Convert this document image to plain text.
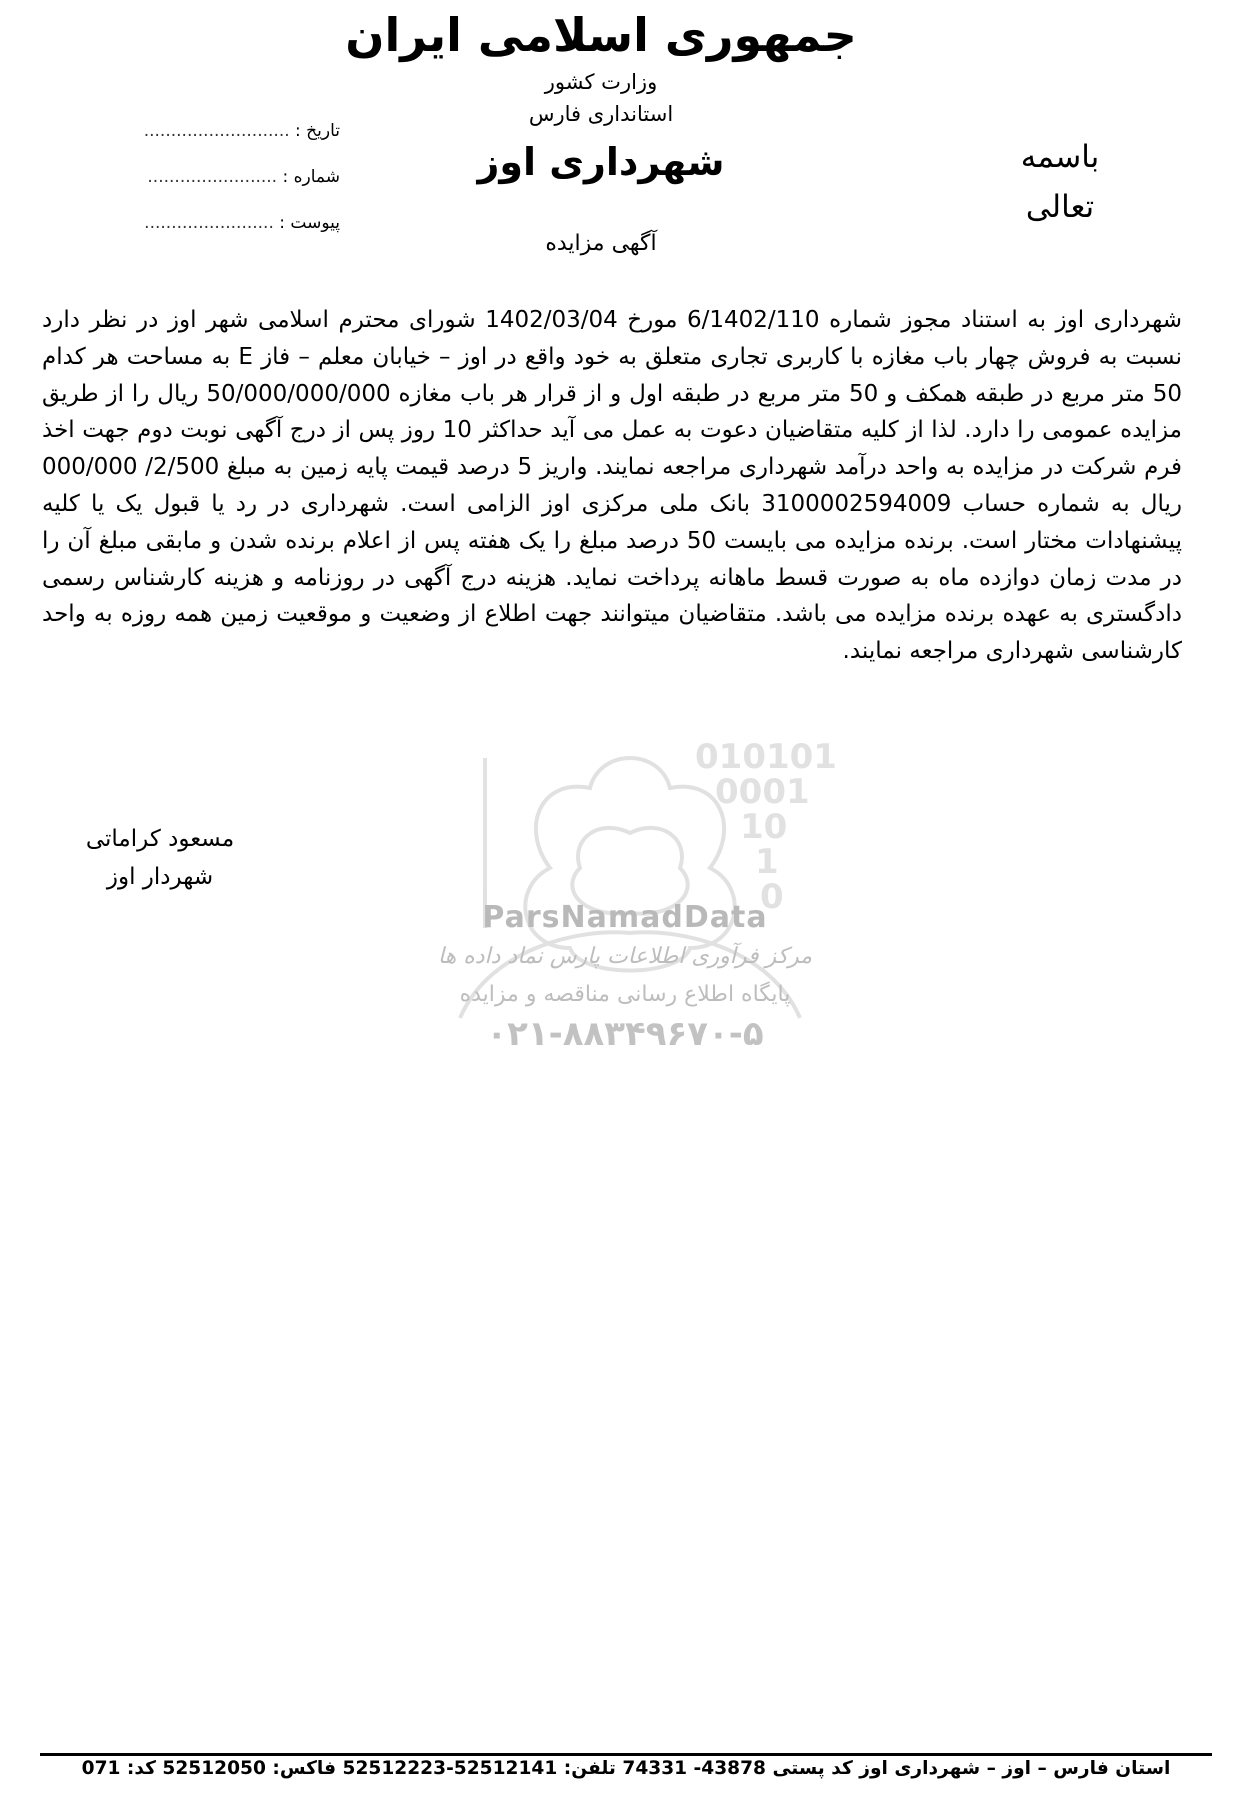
جمهوری اسلامی ایران
وزارت کشور
استانداری فارس
شهرداری اوز	باسمه
تعالی
تاریخ : ...........................
شماره : ........................
پیوست : ........................
آگهی مزایده
شهرداری اوز به استناد مجوز شماره 6/1402/110 مورخ 1402/03/04 شورای محترم اسلامی شهر اوز در نظر دارد نسبت به فروش چهار باب مغازه با کاربری تجاری متعلق به خود واقع در اوز – خیابان معلم – فاز E به مساحت هر کدام 50 متر مربع در طبقه همکف و 50 متر مربع در طبقه اول و از قرار هر باب مغازه 50/000/000/000 ریال را از طریق مزایده عمومی را دارد. لذا از کلیه متقاضیان دعوت به عمل می آید حداکثر 10 روز پس از درج آگهی نوبت دوم جهت اخذ فرم شرکت در مزایده به واحد درآمد شهرداری مراجعه نمایند. واریز 5 درصد قیمت پایه زمین به مبلغ 2/500/ 000/000 ریال به شماره حساب 3100002594009 بانک ملی مرکزی اوز الزامی است. شهرداری در رد یا قبول یک یا کلیه پیشنهادات مختار است. برنده مزایده می بایست 50 درصد مبلغ را یک هفته پس از اعلام برنده شدن و مابقی مبلغ آن را در مدت زمان دوازده ماه به صورت قسط ماهانه پرداخت نماید. هزینه درج آگهی در روزنامه و هزینه کارشناس رسمی دادگستری به عهده برنده مزایده می باشد. متقاضیان میتوانند جهت اطلاع از وضعیت و موقعیت زمین همه روزه به واحد کارشناسی شهرداری مراجعه نمایند.
010101
0001
10
1
0
ParsNamadData
مرکز فرآوری اطلاعات پارس نماد داده ها
پایگاه اطلاع رسانی مناقصه و مزایده
۰۲۱-۸۸۳۴۹۶۷۰-۵
مسعود کراماتی
شهردار اوز
استان فارس – اوز – شهرداری اوز کد پستی 43878- 74331 تلفن: 52512141-52512223 فاکس: 52512050 کد: 071
